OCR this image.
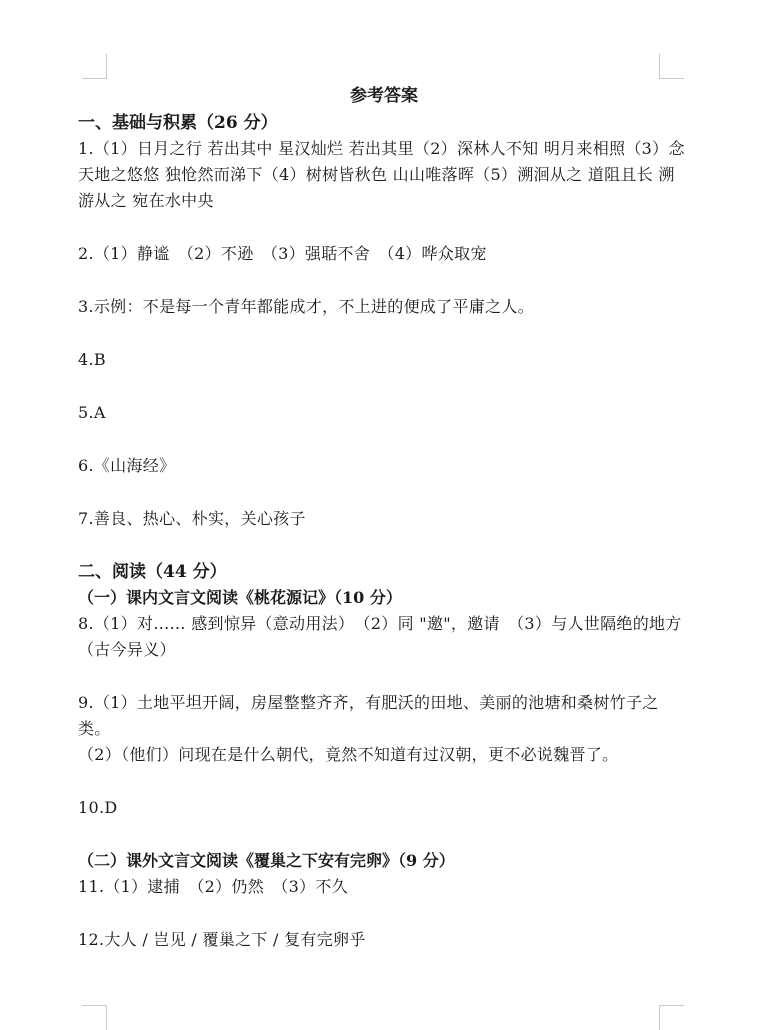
参考答案

一、基础与积累（26 分）

1.（1）日月之行 若出其中 星汉灿烂 若出其里（2）深林人不知 明月来相照（3）念天地之悠悠 独怆然而涕下（4）树树皆秋色 山山唯落晖（5）溯洄从之 道阻且长 溯游从之 宛在水中央

2.（1）静谧　（2）不逊　（3）强聒不舍　（4）哗众取宠

3.示例：不是每一个青年都能成才，不上进的便成了平庸之人。

4.B

5.A

6.《山海经》

7.善良、热心、朴实，关心孩子

二、阅读（44 分）

（一）课内文言文阅读《桃花源记》（10 分）

8.（1）对…… 感到惊异（意动用法）　（2）同 "邀"，邀请　（3）与人世隔绝的地方（古今异义）

9.（1）土地平坦开阔，房屋整整齐齐，有肥沃的田地、美丽的池塘和桑树竹子之类。

（2）（他们）问现在是什么朝代，竟然不知道有过汉朝，更不必说魏晋了。

10.D

（二）课外文言文阅读《覆巢之下安有完卵》（9 分）

11.（1）逮捕　（2）仍然　（3）不久

12.大人 / 岂见 / 覆巢之下 / 复有完卵乎
